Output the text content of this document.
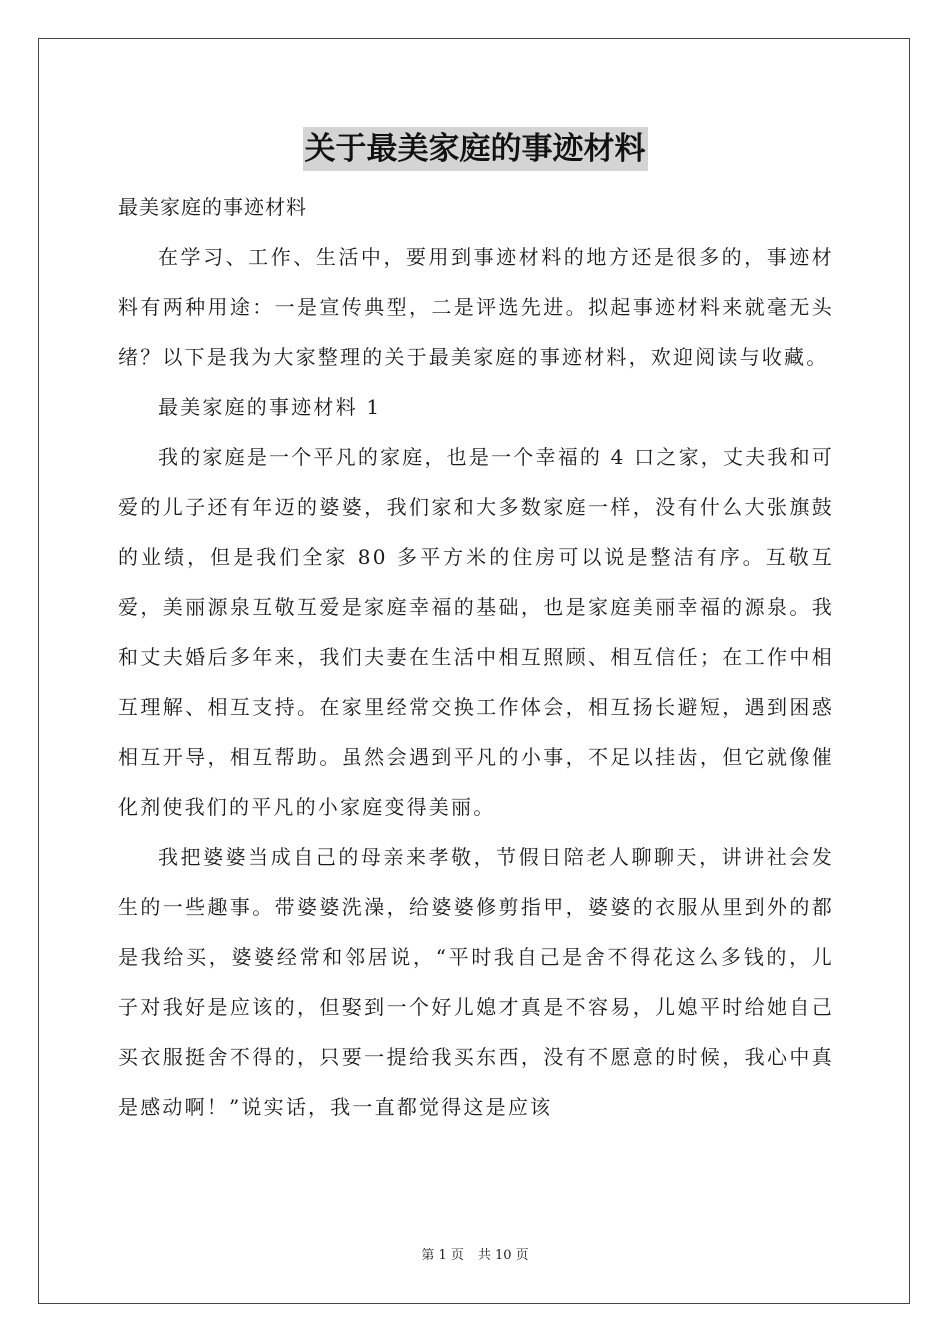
关于最美家庭的事迹材料

最美家庭的事迹材料

在学习、工作、生活中，要用到事迹材料的地方还是很多的，事迹材料有两种用途：一是宣传典型，二是评选先进。拟起事迹材料来就毫无头绪？以下是我为大家整理的关于最美家庭的事迹材料，欢迎阅读与收藏。

最美家庭的事迹材料 1

我的家庭是一个平凡的家庭，也是一个幸福的 4 口之家，丈夫我和可爱的儿子还有年迈的婆婆，我们家和大多数家庭一样，没有什么大张旗鼓的业绩，但是我们全家 80 多平方米的住房可以说是整洁有序。互敬互爱，美丽源泉互敬互爱是家庭幸福的基础，也是家庭美丽幸福的源泉。我和丈夫婚后多年来，我们夫妻在生活中相互照顾、相互信任；在工作中相互理解、相互支持。在家里经常交换工作体会，相互扬长避短，遇到困惑相互开导，相互帮助。虽然会遇到平凡的小事，不足以挂齿，但它就像催化剂使我们的平凡的小家庭变得美丽。

我把婆婆当成自己的母亲来孝敬，节假日陪老人聊聊天，讲讲社会发生的一些趣事。带婆婆洗澡，给婆婆修剪指甲，婆婆的衣服从里到外的都是我给买，婆婆经常和邻居说，“平时我自己是舍不得花这么多钱的，儿子对我好是应该的，但娶到一个好儿媳才真是不容易，儿媳平时给她自己买衣服挺舍不得的，只要一提给我买东西，没有不愿意的时候，我心中真是感动啊！”说实话，我一直都觉得这是应该

第 1 页 共 10 页
